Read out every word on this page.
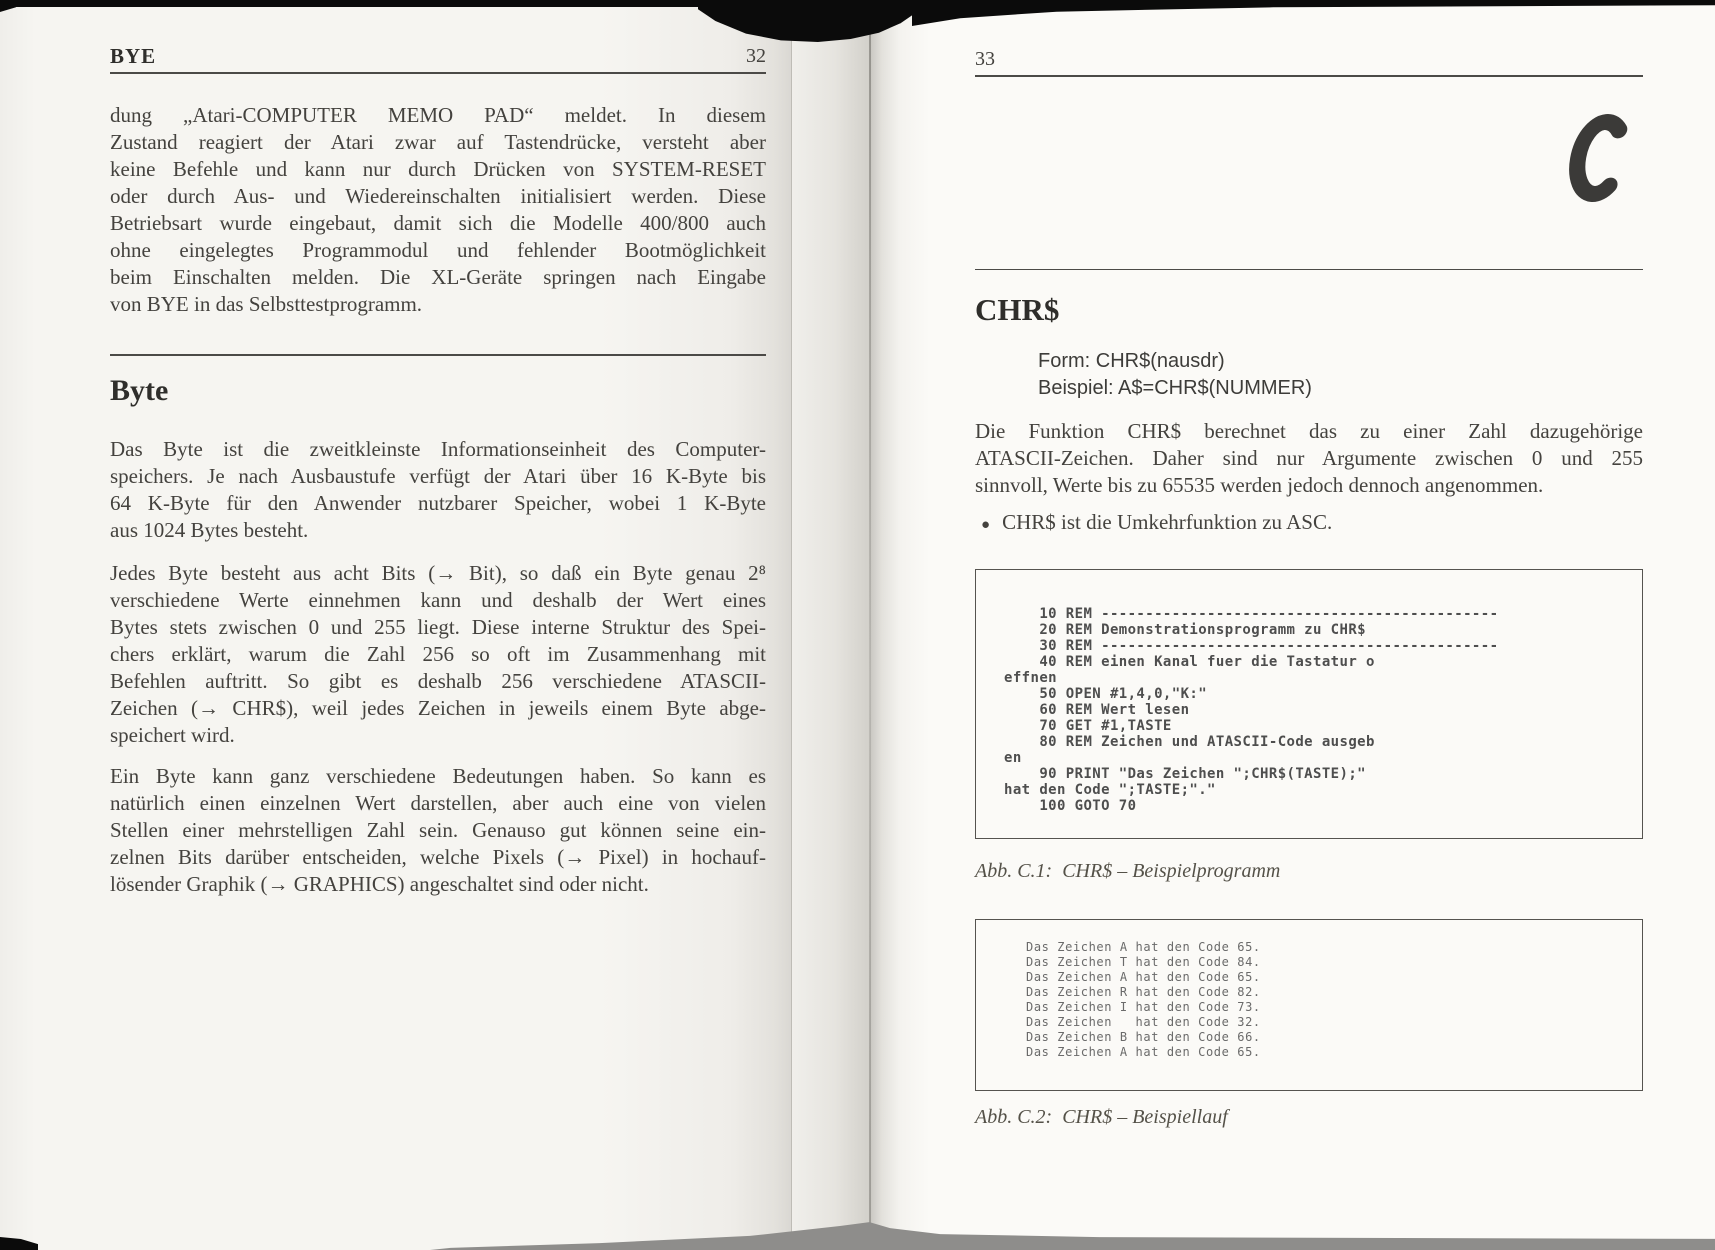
BYE	32
dung „Atari-COMPUTER MEMO PAD“ meldet. In diesem
Zustand reagiert der Atari zwar auf Tastendrücke, versteht aber
keine Befehle und kann nur durch Drücken von SYSTEM-RESET
oder durch Aus- und Wiedereinschalten initialisiert werden. Diese
Betriebsart wurde eingebaut, damit sich die Modelle 400/800 auch
ohne eingelegtes Programmodul und fehlender Bootmöglichkeit
beim Einschalten melden. Die XL-Geräte springen nach Eingabe
von BYE in das Selbsttestprogramm.
Byte
Das Byte ist die zweitkleinste Informationseinheit des Computer-
speichers. Je nach Ausbaustufe verfügt der Atari über 16 K-Byte bis
64 K-Byte für den Anwender nutzbarer Speicher, wobei 1 K-Byte
aus 1024 Bytes besteht.
Jedes Byte besteht aus acht Bits (→ Bit), so daß ein Byte genau 2⁸
verschiedene Werte einnehmen kann und deshalb der Wert eines
Bytes stets zwischen 0 und 255 liegt. Diese interne Struktur des Spei-
chers erklärt, warum die Zahl 256 so oft im Zusammenhang mit
Befehlen auftritt. So gibt es deshalb 256 verschiedene ATASCII-
Zeichen (→ CHR$), weil jedes Zeichen in jeweils einem Byte abge-
speichert wird.
Ein Byte kann ganz verschiedene Bedeutungen haben. So kann es
natürlich einen einzelnen Wert darstellen, aber auch eine von vielen
Stellen einer mehrstelligen Zahl sein. Genauso gut können seine ein-
zelnen Bits darüber entscheiden, welche Pixels (→ Pixel) in hochauf-
lösender Graphik (→ GRAPHICS) angeschaltet sind oder nicht.
33
CHR$
Form: CHR$(nausdr)
Beispiel: A$=CHR$(NUMMER)
Die Funktion CHR$ berechnet das zu einer Zahl dazugehörige
ATASCII-Zeichen. Daher sind nur Argumente zwischen 0 und 255
sinnvoll, Werte bis zu 65535 werden jedoch dennoch angenommen.
● CHR$ ist die Umkehrfunktion zu ASC.
10 REM ---------------------------------------------
20 REM Demonstrationsprogramm zu CHR$
30 REM ---------------------------------------------
40 REM einen Kanal fuer die Tastatur o
effnen
50 OPEN #1,4,0,"K:"
60 REM Wert lesen
70 GET #1,TASTE
80 REM Zeichen und ATASCII-Code ausgeb
en
90 PRINT "Das Zeichen ";CHR$(TASTE);"
hat den Code ";TASTE;"."
100 GOTO 70
Abb. C.1:  CHR$ – Beispielprogramm
Das Zeichen A hat den Code 65.
Das Zeichen T hat den Code 84.
Das Zeichen A hat den Code 65.
Das Zeichen R hat den Code 82.
Das Zeichen I hat den Code 73.
Das Zeichen   hat den Code 32.
Das Zeichen B hat den Code 66.
Das Zeichen A hat den Code 65.
Abb. C.2:  CHR$ – Beispiellauf
